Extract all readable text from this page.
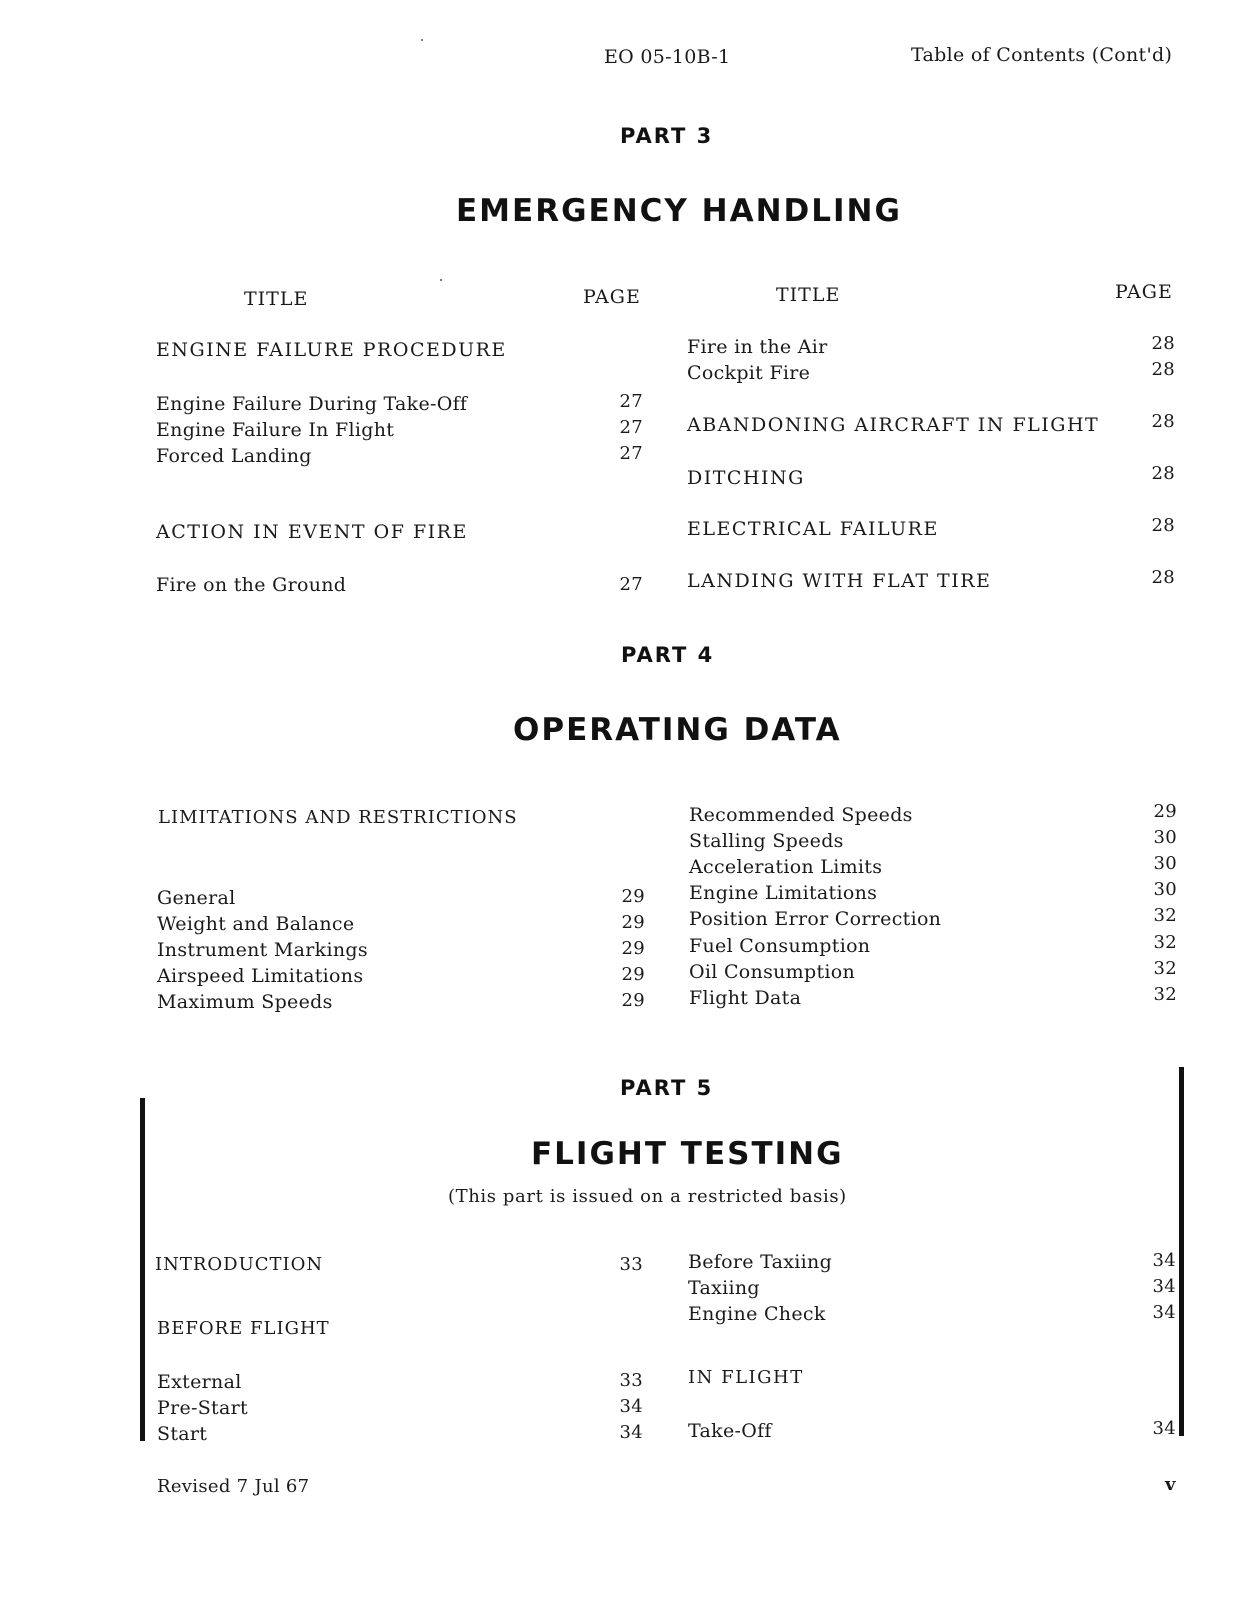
EO 05-10B-1	Table of Contents (Cont'd)
PART 3
EMERGENCY HANDLING
TITLE	PAGE	TITLE	PAGE
ENGINE FAILURE PROCEDURE
Engine Failure During Take-Off	27
Engine Failure In Flight	27
Forced Landing	27
ACTION IN EVENT OF FIRE
Fire on the Ground	27
Fire in the Air	28
Cockpit Fire	28
ABANDONING AIRCRAFT IN FLIGHT	28
DITCHING	28
ELECTRICAL FAILURE	28
LANDING WITH FLAT TIRE	28
PART 4
OPERATING DATA
LIMITATIONS AND RESTRICTIONS
General	29
Weight and Balance	29
Instrument Markings	29
Airspeed Limitations	29
Maximum Speeds	29
Recommended Speeds	29
Stalling Speeds	30
Acceleration Limits	30
Engine Limitations	30
Position Error Correction	32
Fuel Consumption	32
Oil Consumption	32
Flight Data	32
PART 5
FLIGHT TESTING
(This part is issued on a restricted basis)
INTRODUCTION	33
BEFORE FLIGHT
External	33
Pre-Start	34
Start	34
Before Taxiing	34
Taxiing	34
Engine Check	34
IN FLIGHT
Take-Off	34
Revised 7 Jul 67	v
